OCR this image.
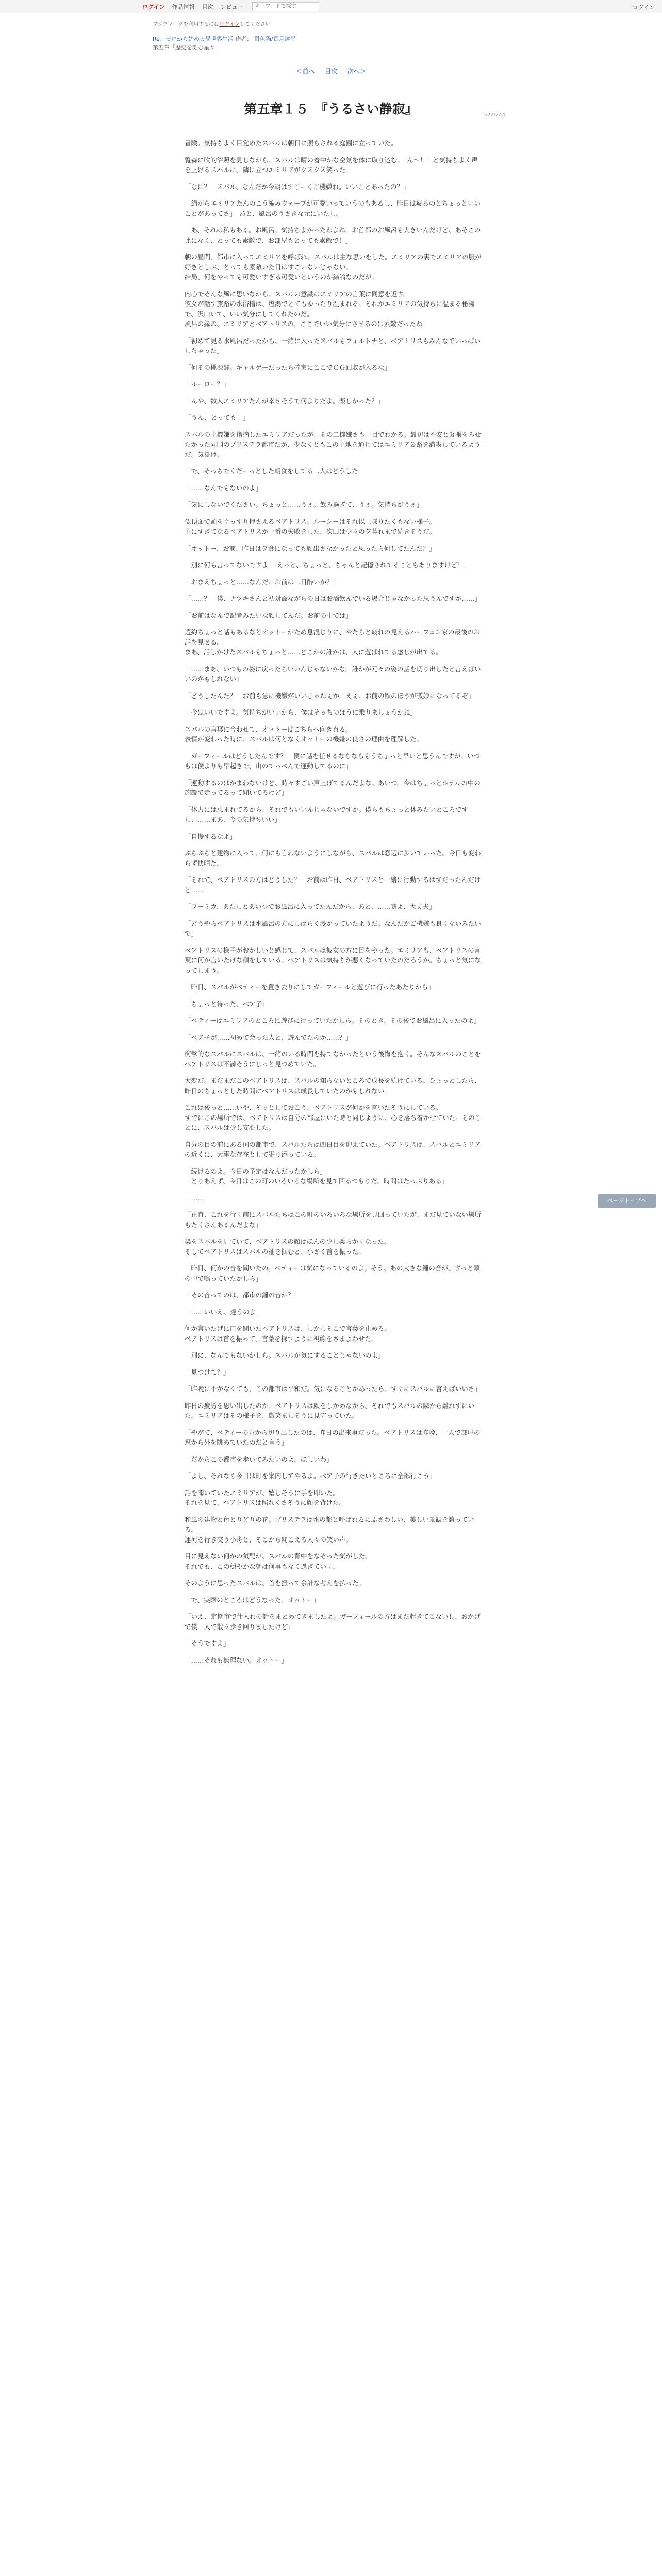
ログイン 作品情報 目次 レビュー
キーワードで探す	ログイン
ブックマークを利用するにはログインしてください
Re：ゼロから始める異世界生活 作者： 鼠色猫/長月達平
第五章「歴史を刻む星々」
＜前へ 目次 次へ＞
522/744
第五章１５　『うるさい静寂』

冒険。気持ちよく目覚めたスバルは朝日に照らされる庭園に立っていた。

覧森に吹的浴照を見じながら、スバルは晴の着中がな空気を体に取り込む。「ん～！」と気持ちよく声を上げるスバルに、隣に立つエミリアがクスクス笑った。

「なに？　スバル、なんだか今朝はすごーくご機嫌ね。いいことあったの？」

「絹がらエミリアたんのこう編みウェーブが可愛いっていうのもあるし、昨日は疲るのとちょっといいことがあってさ」　あと、風呂のうさぎな元にいたし。

「あ、それは私もある。お風呂。気持ちよかったわよね。お首都のお風呂も大きいんだけど、あそこの比になく、とっても素敵で、お部屋もとっても素敵で！」

朝の昼間、都市に入ってエミリアを呼ばれ、スバルは主な思いをした。エミリアの裏でエミリアの服が好きとしぶ、とっても素敵いた日はすごいないじゃない。
結局、何をやっても可愛いすぎる可愛いというのが結論なのだが。

内心でそんな風に思いながら、スバルの意識はエミリアの言葉に同意を返す。
彼女が話す旅路の水浴槽は、塩湯でとてもゆったり温まれる。それがエミリアの気持ちに温まる秘湯で、沢山いて、いい気分にしてくれたのだ。
風呂の縁の、エミリアとベアトリスの、ここでいい気分にさせるのは素敵だったね。

「初めて見る水風呂だったから、一緒に入ったスバルもフォルトナと、ベアトリスもみんなでいっぱいしちゃった」

「何その桃源郷。ギャルゲーだったら確実にここでＣＧ回収が入るな」

「ルーロー？」

「んや、数人エミリアたんが幸せそうで何よりだよ。楽しかった？」

「うん、とっても！」

スバルの上機嫌を指摘したエミリアだったが、その二機嫌さも一目でわかる。最初は不安と緊張をみせたかった同国のプリスデラ都市だが、少なくともこの土地を通じてはエミリア公路を満喫しているようだ。気掛け。

「で、そっちでくだーっとした朝食をしてる二人はどうした」

「……なんでもないのよ」

「気にしないでください。ちょっと……うぇ。飲み過ぎて、うぇ。気持ちがうぇ」

仏頂面で頭をぐっすり押さえるベアトリス。ルーシーはそれ以上喋りたくもない様子。
主にすぎてなるベアトリスが一番の失敗をした。次回は少々の夕暮れまで続きそうだ。

「オットー、お前、昨日は夕食になっても顔出さなかったと思ったら何してたんだ？」

「別に何も言ってないですよ！ えっと、ちょっと、ちゃんと記憶されてることもありますけど！」

「おまえちょっと……なんだ、お前は二日酔いか？」

「……？　僕、ナツキさんと初対面ながらの日はお酒飲んでいる場合じゃなかった思うんですが……」

「お前はなんで記者みたいな顔してんだ。お前の中では」

週約ちょっと話もあるなとオットーがため息混じりに、やたらと疲れの見えるハーフェン家の最後のお話を見せる。
まあ、話しかけたスバルもちょっと……どこかの誰かは、人に遊ばれてる感じが出てる。

「……まあ、いつもの姿に戻ったらいいんじゃないかな。誰かが元々の姿の話を切り出したと言えばいいのかもしれない」

「どうしたんだ？　お前も急に機嫌がいいじゃねぇか。えぇ、お前の顔のほうが微妙になってるぞ」

「今はいいですよ。気持ちがいいから、僕はそっちのほうに乗りましょうかね」

スバルの言葉に合わせて、オットーはこちらへ向き直る。
表情が変わった時に、スバルは何となくオットーの機嫌の良さの理由を理解した。

「ガーフィールはどうしたんです？　僕に話を任せるならならもうちょっと早いと思うんですが、いつもは僕よりも早起きで、山のてっぺんで運動してるのに」

「運動するのはかまわないけど、時々すごい声上げてるんだよな。あいつ。今はちょっとホテルの中の施設で走ってるって聞いてるけど」

「体力には恵まれてるから、それでもいいんじゃないですか。僕らもちょっと休みたいところですし、……まあ、今の気持ちいい」

「自慢するなよ」

ぶらぶらと建物に入って、何にも言わないようにしながら、スバルは窓辺に歩いていった。今日も変わらず快晴だ。

「それで、ベアトリスの方はどうした？　お前は昨日、ベアトリスと一緒に行動するはずだったんだけど……」

「フーミカ、あたしとあいつでお風呂に入ってたんだから。あと、……嘘よ、大丈夫」

「どうやらベアトリスは水風呂の方にしばらく浸かっていたようだ。なんだかご機嫌も良くないみたいで」

ベアトリスの様子がおかしいと感じて、スバルは彼女の方に目をやった。エミリアも、ベアトリスの言葉に何か言いたげな顔をしている。ベアトリスは気持ちが悪くなっていたのだろうか。ちょっと気になってしまう。

「昨日、スバルがベティーを置き去りにしてガーフィールと遊びに行ったあたりから」

「ちょっと待った、ベア子」

「ベティーはエミリアのところに遊びに行っていたかしら。そのとき、その後でお風呂に入ったのよ」

「ベア子が……初めて会った人と、遊んでたのか……？」

衝撃的なスバルにスバルは、一緒のいる時間を持てなかったという後悔を抱く。そんなスバルのことをベアトリスは不満そうにじっと見つめていた。

大変だ。まだまだこのベアトリスは、スバルの知らないところで成長を続けている。ひょっとしたら、昨日のちょっとした時間にベアトリスは成長していたのかもしれない。

これは後っと……いや、そっとしておこう。ベアトリスが何かを言いたそうにしている。
すでにこの場所では、ベアトリスは自分の部屋にいた時と同じように、心を落ち着かせていた。そのことに、スバルは少し安心した。

自分の目の前にある国の都市で、スバルたちは四日目を迎えていた。ベアトリスは、スバルとエミリアの近くに、大事な存在として寄り添っている。

「続けるのよ。今日の予定はなんだったかしら」
「とりあえず、今日はこの町のいろいろな場所を見て回るつもりだ。時間はたっぷりある」

「……」

「正直、これを行く前にスバルたちはこの町のいろいろな場所を見回っていたが、まだ見ていない場所もたくさんあるんだよな」

楽をスバルを見ていて、ベアトリスの顔はほんの少し柔らかくなった。
そしてベアトリスはスバルの袖を掴むと、小さく首を振った。

「昨日、何かの音を聞いたの。ベティーは気になっているのよ。そう、あの大きな鐘の音が、ずっと頭の中で鳴っていたかしら」

「その音ってのは、都市の鐘の音か？」

「……いいえ、違うのよ」

何か言いたげに口を開いたベアトリスは、しかしそこで言葉を止める。
ベアトリスは首を振って、言葉を探すように視線をさまよわせた。

「別に、なんでもないかしら。スバルが気にすることじゃないのよ」

「見つけて？」

「昨晩に不がなくても、この都市は平和だ。気になることがあったら、すぐにスバルに言えばいいさ」

昨日の疲労を思い出したのか、ベアトリスは顔をしかめながら、それでもスバルの隣から離れずにいた。エミリアはその様子を、微笑ましそうに見守っていた。

「やがて、ベティーの方から切り出したのは、昨日の出来事だった。ベアトリスは昨晩、一人で部屋の窓から外を眺めていたのだと言う」

「だからこの都市を歩いてみたいのよ。ほしいわ」

「よし、それなら今日は町を案内してやるよ。ベア子の行きたいところに全部行こう」

話を聞いていたエミリアが、嬉しそうに手を叩いた。
それを見て、ベアトリスは照れくさそうに顔を背けた。

和風の建物と色とりどりの花。プリステラは水の都と呼ばれるにふさわしい、美しい景観を誇っている。
運河を行き交う小舟と、そこから聞こえる人々の笑い声。

目に見えない何かの気配が、スバルの背中をなぞった気がした。
それでも、この穏やかな朝は何事もなく過ぎていく。

そのように思ったスバルは、首を振って余計な考えを払った。

「で、実際のところはどうなった、オットー」

「いえ、定期市で仕入れの話をまとめてきましたよ。ガーフィールの方はまだ起きてこないし、おかげで僕一人で散々歩き回りましたけど」

「そうですよ」

「……それも無理ない。オットー」

ページトップへ
